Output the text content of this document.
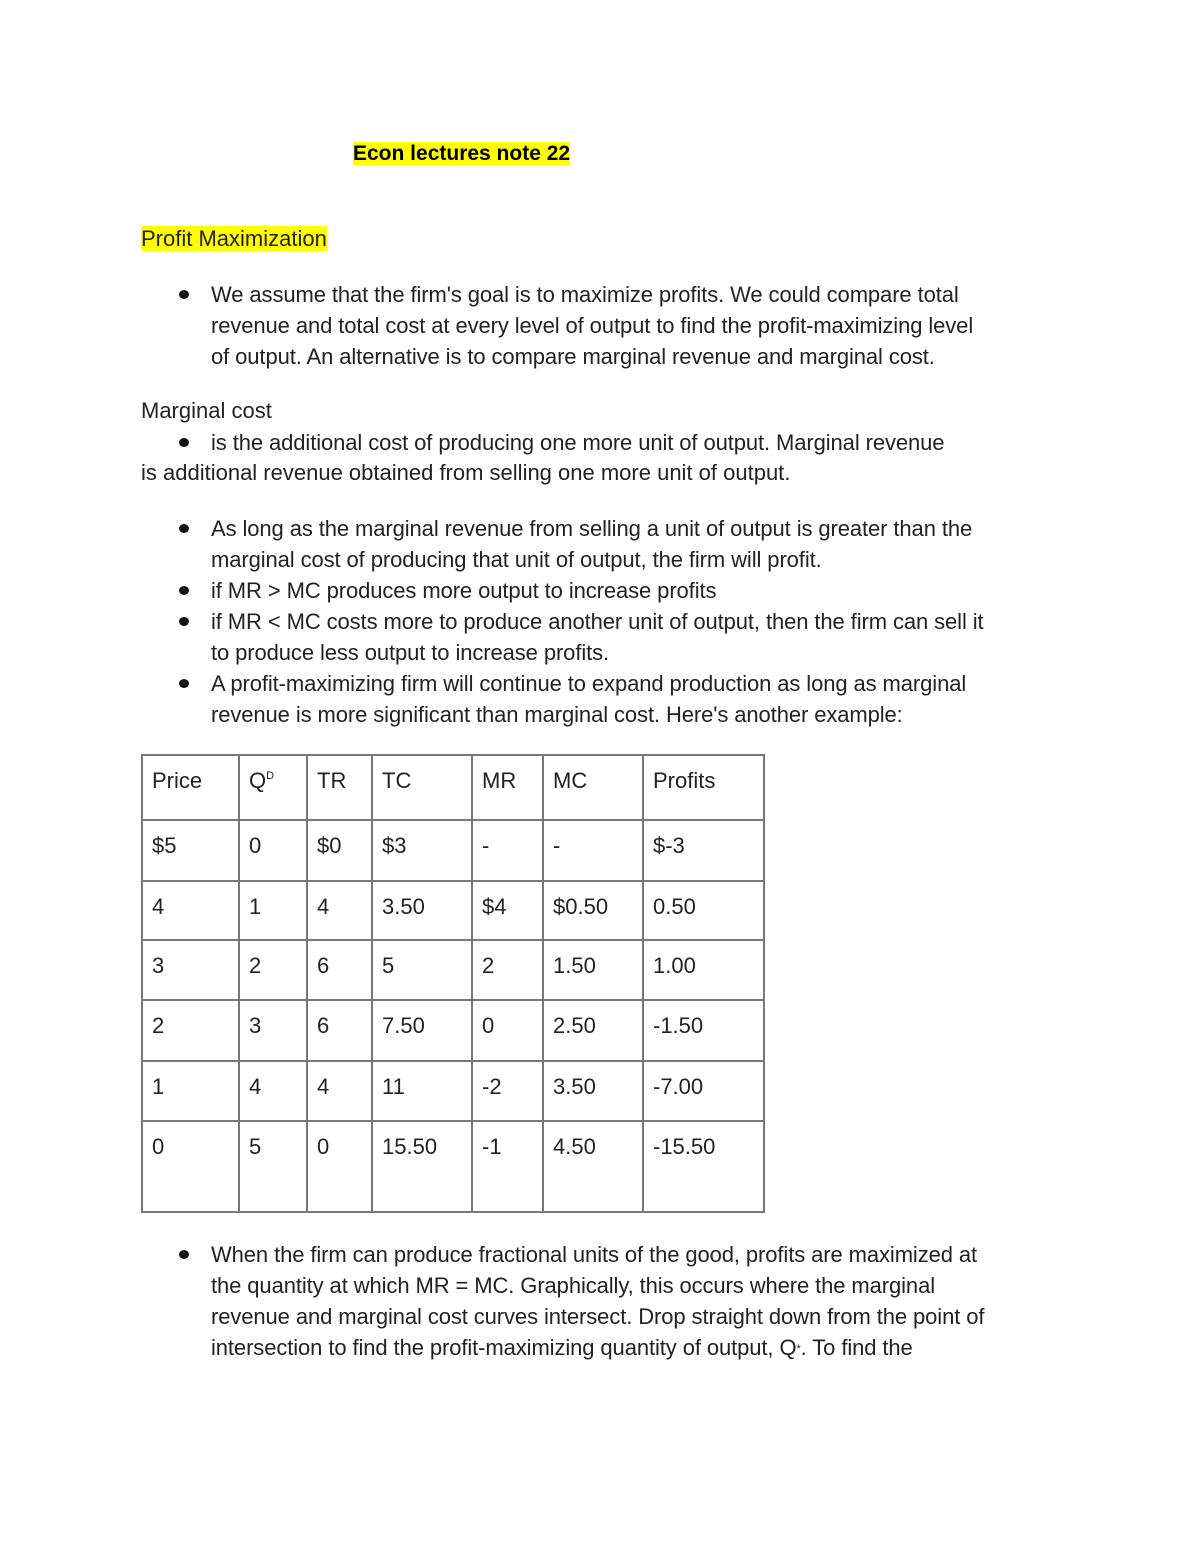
Econ lectures note 22
Profit Maximization
We assume that the firm's goal is to maximize profits. We could compare total
revenue and total cost at every level of output to find the profit-maximizing level
of output. An alternative is to compare marginal revenue and marginal cost.
Marginal cost
is the additional cost of producing one more unit of output. Marginal revenue
is additional revenue obtained from selling one more unit of output.
As long as the marginal revenue from selling a unit of output is greater than the
marginal cost of producing that unit of output, the firm will profit.
if MR > MC produces more output to increase profits
if MR < MC costs more to produce another unit of output, then the firm can sell it
to produce less output to increase profits.
A profit-maximizing firm will continue to expand production as long as marginal
revenue is more significant than marginal cost. Here's another example:
Price	$Q^D$	TR	TC	MR	MC	Profits
$5	0	$0	$3	-	-	$-3
4	1	4	3.50	$4	$0.50	0.50
3	2	6	5	2	1.50	1.00
2	3	6	7.50	0	2.50	-1.50
1	4	4	11	-2	3.50	-7.00
0	5	0	15.50	-1	4.50	-15.50
When the firm can produce fractional units of the good, profits are maximized at
the quantity at which MR = MC. Graphically, this occurs where the marginal
revenue and marginal cost curves intersect. Drop straight down from the point of
intersection to find the profit-maximizing quantity of output, Q*. To find the
